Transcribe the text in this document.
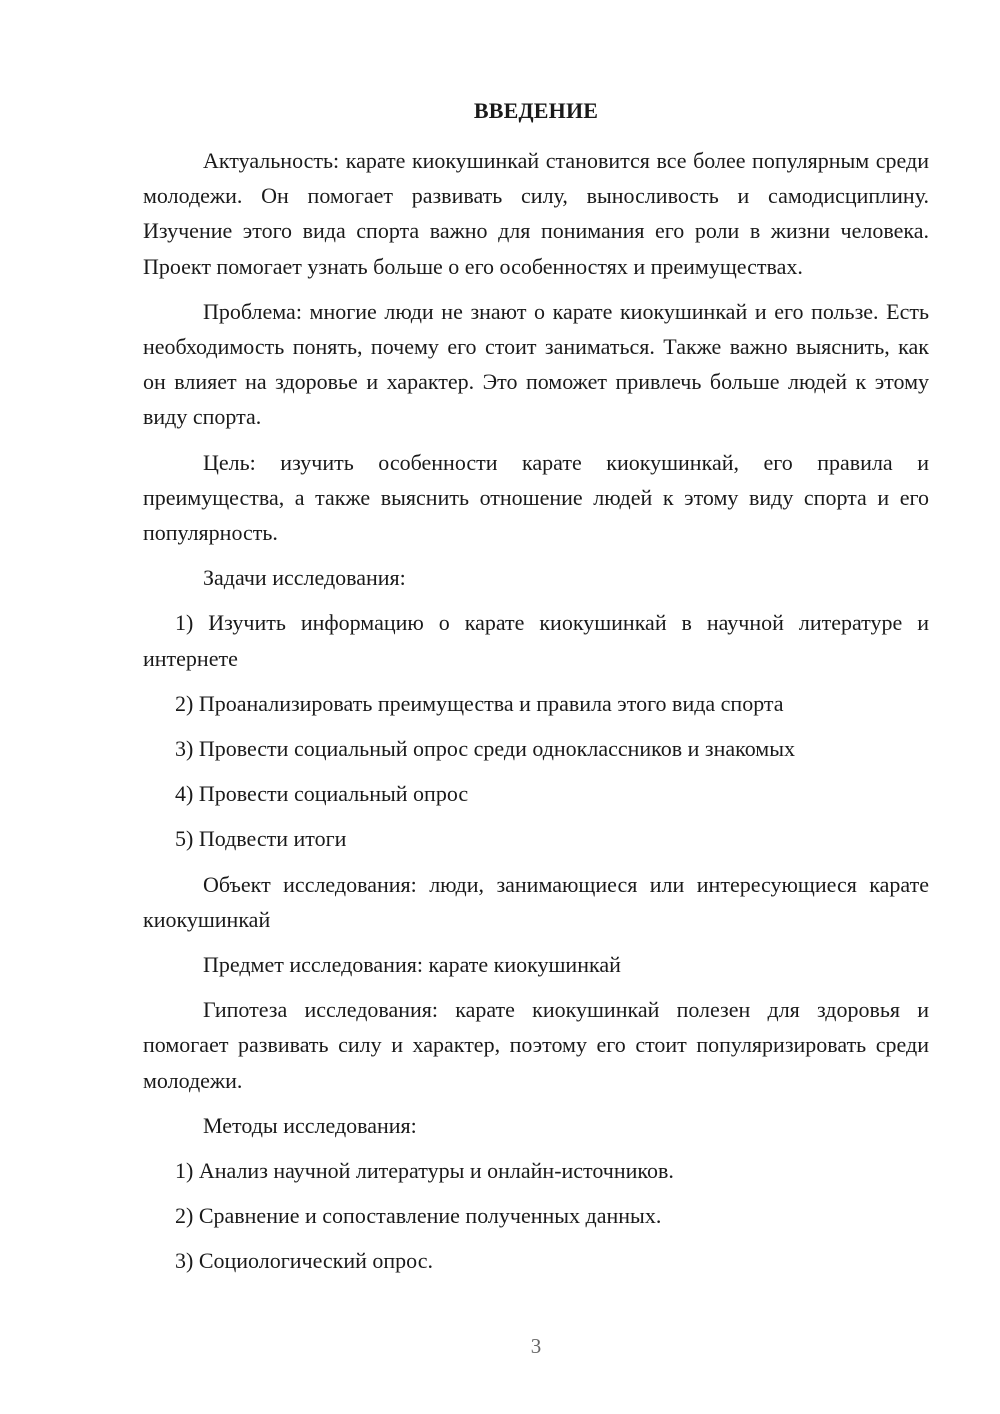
ВВЕДЕНИЕ

Актуальность: карате киокушинкай становится все более популярным среди молодежи. Он помогает развивать силу, выносливость и самодисциплину. Изучение этого вида спорта важно для понимания его роли в жизни человека. Проект помогает узнать больше о его особенностях и преимуществах.

Проблема: многие люди не знают о карате киокушинкай и его пользе. Есть необходимость понять, почему его стоит заниматься. Также важно выяснить, как он влияет на здоровье и характер. Это поможет привлечь больше людей к этому виду спорта.

Цель: изучить особенности карате киокушинкай, его правила и преимущества, а также выяснить отношение людей к этому виду спорта и его популярность.

Задачи исследования:

1) Изучить информацию о карате киокушинкай в научной литературе и интернете

2) Проанализировать преимущества и правила этого вида спорта

3) Провести социальный опрос среди одноклассников и знакомых

4) Провести социальный опрос

5) Подвести итоги

Объект исследования: люди, занимающиеся или интересующиеся карате киокушинкай

Предмет исследования: карате киокушинкай

Гипотеза исследования: карате киокушинкай полезен для здоровья и помогает развивать силу и характер, поэтому его стоит популяризировать среди молодежи.

Методы исследования:

1) Анализ научной литературы и онлайн-источников.

2) Сравнение и сопоставление полученных данных.

3) Социологический опрос.

3
